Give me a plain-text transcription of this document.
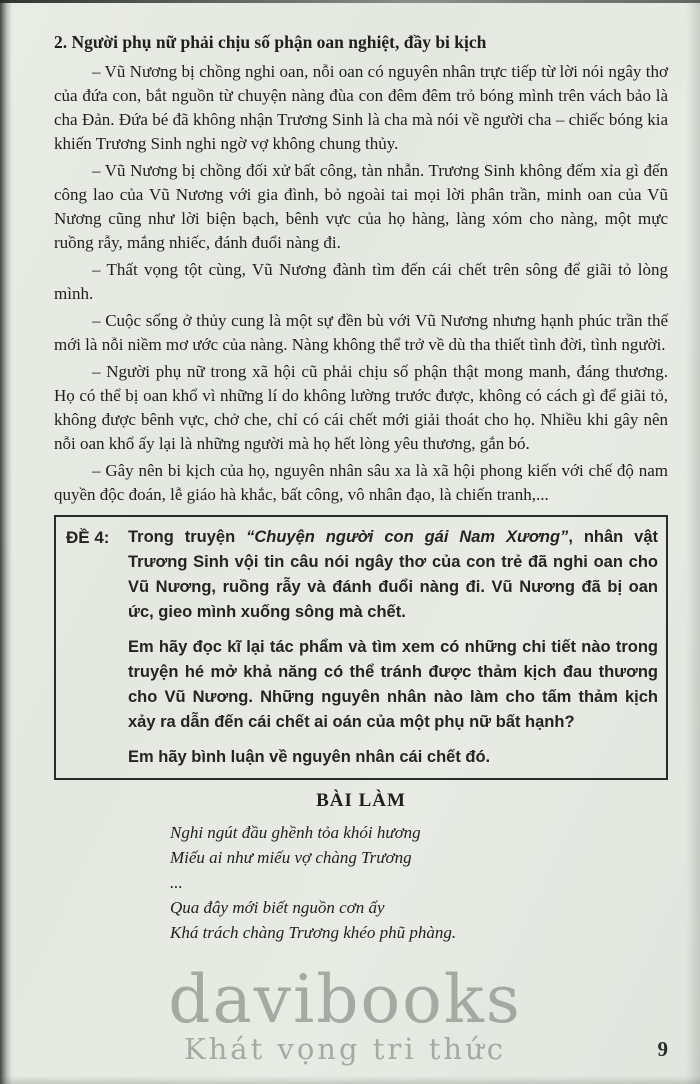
2. Người phụ nữ phải chịu số phận oan nghiệt, đầy bi kịch
– Vũ Nương bị chồng nghi oan, nỗi oan có nguyên nhân trực tiếp từ lời nói ngây thơ của đứa con, bắt nguồn từ chuyện nàng đùa con đêm đêm trỏ bóng mình trên vách bảo là cha Đản. Đứa bé đã không nhận Trương Sinh là cha mà nói về người cha – chiếc bóng kia khiến Trương Sinh nghi ngờ vợ không chung thủy.
– Vũ Nương bị chồng đối xử bất công, tàn nhẫn. Trương Sinh không đếm xỉa gì đến công lao của Vũ Nương với gia đình, bỏ ngoài tai mọi lời phân trần, minh oan của Vũ Nương cũng như lời biện bạch, bênh vực của họ hàng, làng xóm cho nàng, một mực ruồng rẫy, mắng nhiếc, đánh đuổi nàng đi.
– Thất vọng tột cùng, Vũ Nương đành tìm đến cái chết trên sông để giãi tỏ lòng mình.
– Cuộc sống ở thủy cung là một sự đền bù với Vũ Nương nhưng hạnh phúc trần thế mới là nỗi niềm mơ ước của nàng. Nàng không thể trở về dù tha thiết tình đời, tình người.
– Người phụ nữ trong xã hội cũ phải chịu số phận thật mong manh, đáng thương. Họ có thể bị oan khổ vì những lí do không lường trước được, không có cách gì để giãi tỏ, không được bênh vực, chở che, chỉ có cái chết mới giải thoát cho họ. Nhiều khi gây nên nỗi oan khổ ấy lại là những người mà họ hết lòng yêu thương, gắn bó.
– Gây nên bi kịch của họ, nguyên nhân sâu xa là xã hội phong kiến với chế độ nam quyền độc đoán, lễ giáo hà khắc, bất công, vô nhân đạo, là chiến tranh,...
ĐỀ 4: Trong truyện “Chuyện người con gái Nam Xương”, nhân vật Trương Sinh vội tin câu nói ngây thơ của con trẻ đã nghi oan cho Vũ Nương, ruồng rẫy và đánh đuổi nàng đi. Vũ Nương đã bị oan ức, gieo mình xuống sông mà chết.
Em hãy đọc kĩ lại tác phẩm và tìm xem có những chi tiết nào trong truyện hé mở khả năng có thể tránh được thảm kịch đau thương cho Vũ Nương. Những nguyên nhân nào làm cho tấm thảm kịch xảy ra dẫn đến cái chết ai oán của một phụ nữ bất hạnh?
Em hãy bình luận về nguyên nhân cái chết đó.
BÀI LÀM
Nghi ngút đầu ghềnh tỏa khói hương
Miếu ai như miếu vợ chàng Trương
...
Qua đây mới biết nguồn cơn ấy
Khá trách chàng Trương khéo phũ phàng.
davibooks
Khát vọng tri thức	9
